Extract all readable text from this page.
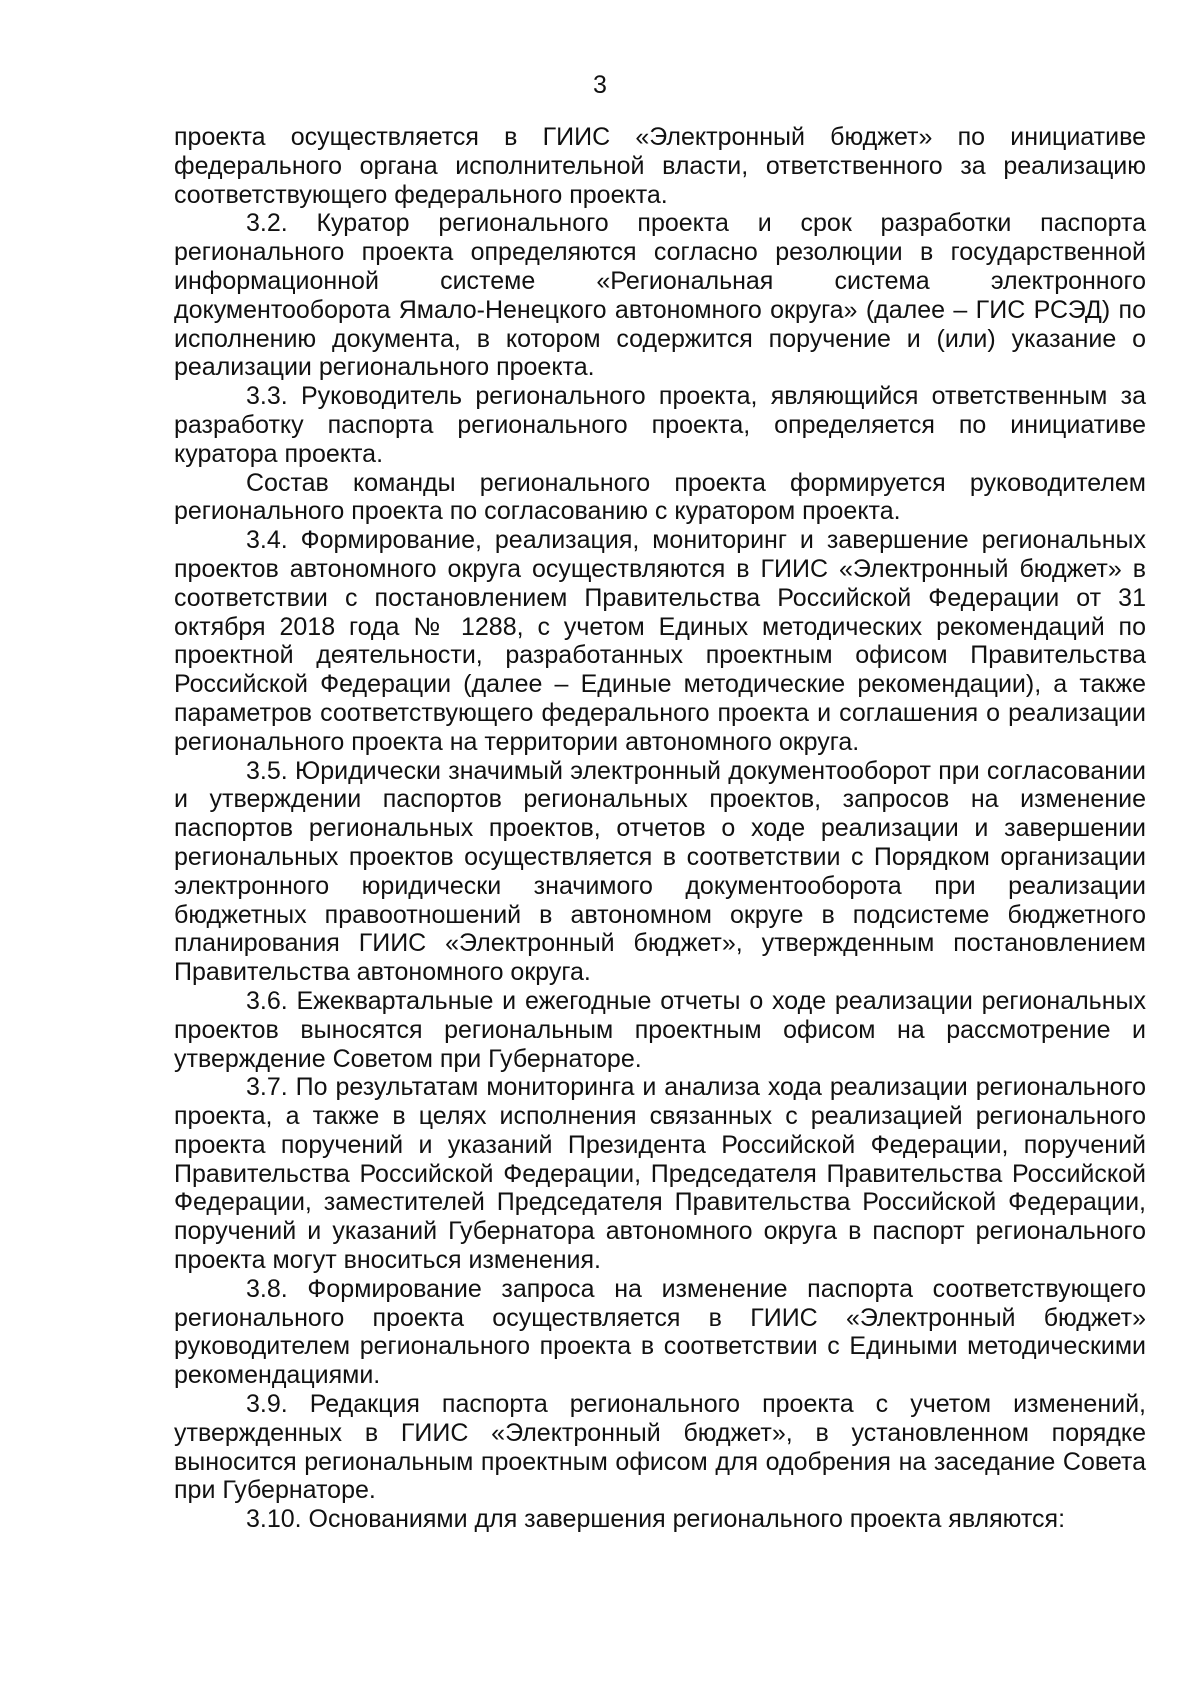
3

проекта осуществляется в ГИИС «Электронный бюджет» по инициативе федерального органа исполнительной власти, ответственного за реализацию соответствующего федерального проекта.

3.2. Куратор регионального проекта и срок разработки паспорта регионального проекта определяются согласно резолюции в государственной информационной системе «Региональная система электронного документооборота Ямало-Ненецкого автономного округа» (далее – ГИС РСЭД) по исполнению документа, в котором содержится поручение и (или) указание о реализации регионального проекта.

3.3. Руководитель регионального проекта, являющийся ответственным за разработку паспорта регионального проекта, определяется по инициативе куратора проекта.

Состав команды регионального проекта формируется руководителем регионального проекта по согласованию с куратором проекта.

3.4. Формирование, реализация, мониторинг и завершение региональных проектов автономного округа осуществляются в ГИИС «Электронный бюджет» в соответствии с постановлением Правительства Российской Федерации от 31 октября 2018 года № 1288, с учетом Единых методических рекомендаций по проектной деятельности, разработанных проектным офисом Правительства Российской Федерации (далее – Единые методические рекомендации), а также параметров соответствующего федерального проекта и соглашения о реализации регионального проекта на территории автономного округа.

3.5. Юридически значимый электронный документооборот при согласовании и утверждении паспортов региональных проектов, запросов на изменение паспортов региональных проектов, отчетов о ходе реализации и завершении региональных проектов осуществляется в соответствии с Порядком организации электронного юридически значимого документооборота при реализации бюджетных правоотношений в автономном округе в подсистеме бюджетного планирования ГИИС «Электронный бюджет», утвержденным постановлением Правительства автономного округа.

3.6. Ежеквартальные и ежегодные отчеты о ходе реализации региональных проектов выносятся региональным проектным офисом на рассмотрение и утверждение Советом при Губернаторе.

3.7. По результатам мониторинга и анализа хода реализации регионального проекта, а также в целях исполнения связанных с реализацией регионального проекта поручений и указаний Президента Российской Федерации, поручений Правительства Российской Федерации, Председателя Правительства Российской Федерации, заместителей Председателя Правительства Российской Федерации, поручений и указаний Губернатора автономного округа в паспорт регионального проекта могут вноситься изменения.

3.8. Формирование запроса на изменение паспорта соответствующего регионального проекта осуществляется в ГИИС «Электронный бюджет» руководителем регионального проекта в соответствии с Едиными методическими рекомендациями.

3.9. Редакция паспорта регионального проекта с учетом изменений, утвержденных в ГИИС «Электронный бюджет», в установленном порядке выносится региональным проектным офисом для одобрения на заседание Совета при Губернаторе.

3.10. Основаниями для завершения регионального проекта являются:
